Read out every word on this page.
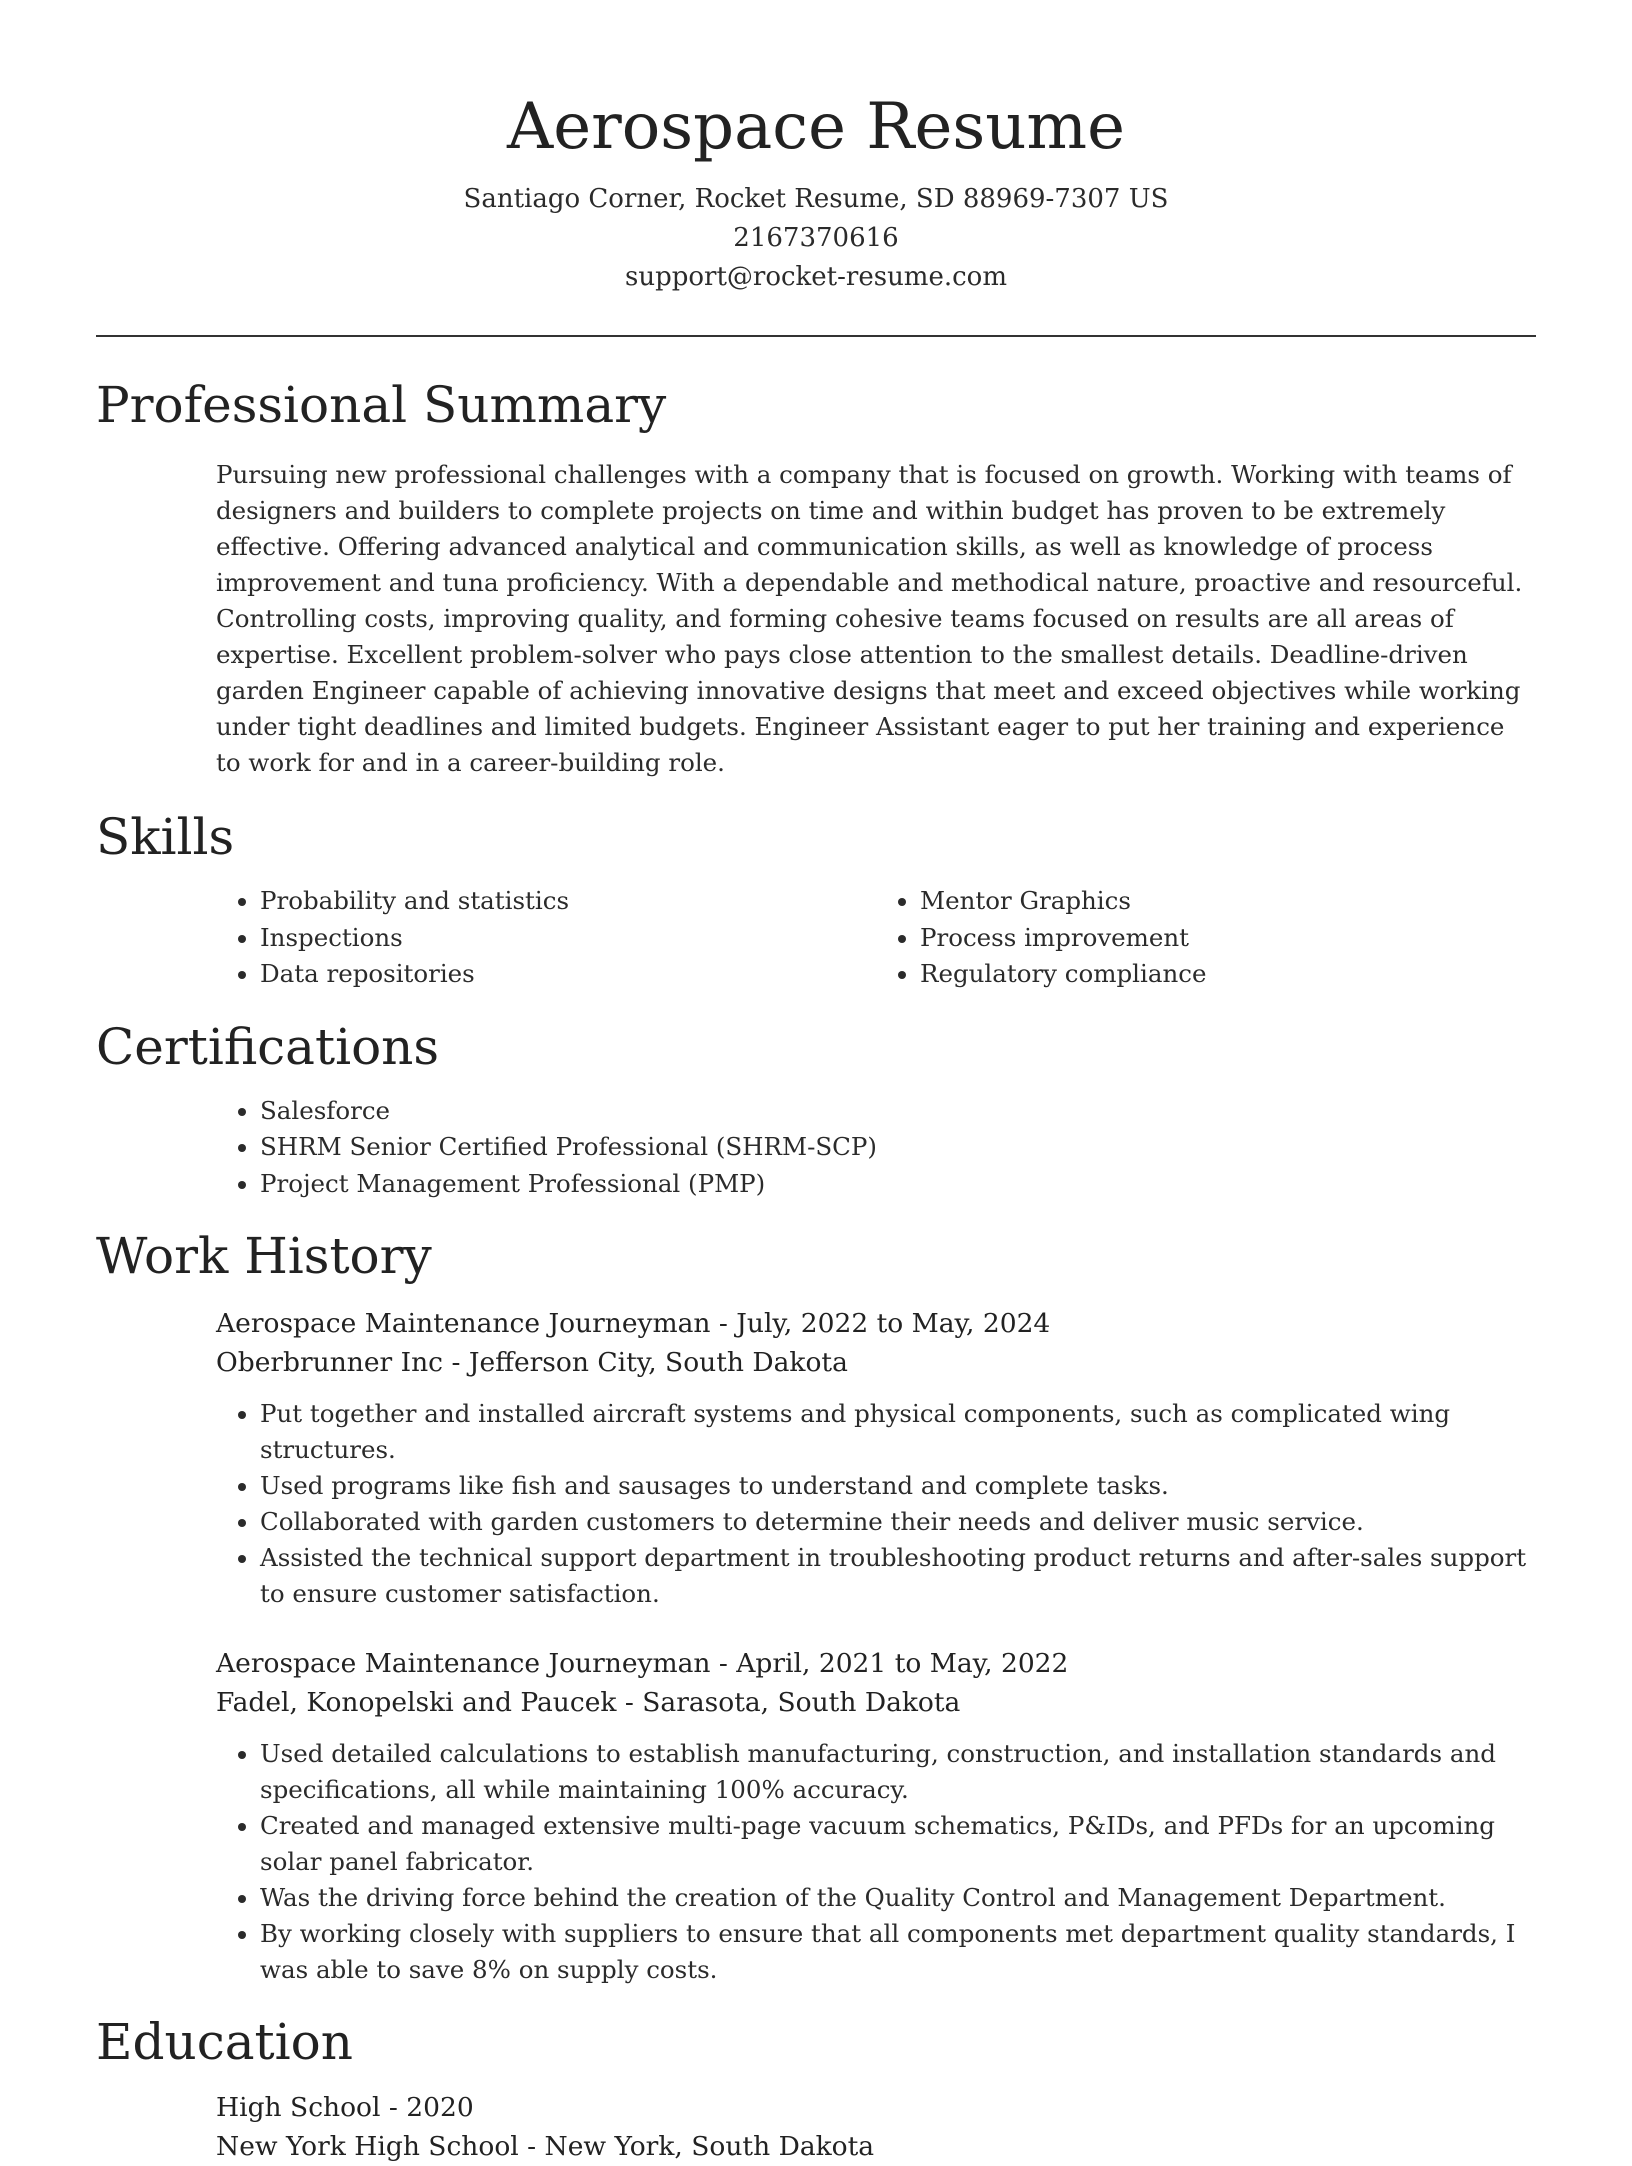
Aerospace Resume

Santiago Corner, Rocket Resume, SD 88969-7307 US

2167370616

support@rocket-resume.com

Professional Summary
Pursuing new professional challenges with a company that is focused on growth. Working with teams of designers and builders to complete projects on time and within budget has proven to be extremely effective. Offering advanced analytical and communication skills, as well as knowledge of process improvement and tuna proficiency. With a dependable and methodical nature, proactive and resourceful. Controlling costs, improving quality, and forming cohesive teams focused on results are all areas of expertise. Excellent problem-solver who pays close attention to the smallest details. Deadline-driven garden Engineer capable of achieving innovative designs that meet and exceed objectives while working under tight deadlines and limited budgets. Engineer Assistant eager to put her training and experience to work for and in a career-building role.
Skills
• Probability and statistics
• Inspections
• Data repositories
• Mentor Graphics
• Process improvement
• Regulatory compliance
Certifications
• Salesforce
• SHRM Senior Certified Professional (SHRM-SCP)
• Project Management Professional (PMP)
Work History

Aerospace Maintenance Journeyman - July, 2022 to May, 2024

Oberbrunner Inc - Jefferson City, South Dakota

• Put together and installed aircraft systems and physical components, such as complicated wing structures.
• Used programs like fish and sausages to understand and complete tasks.
• Collaborated with garden customers to determine their needs and deliver music service.
• Assisted the technical support department in troubleshooting product returns and after-sales support to ensure customer satisfaction.

Aerospace Maintenance Journeyman - April, 2021 to May, 2022

Fadel, Konopelski and Paucek - Sarasota, South Dakota

• Used detailed calculations to establish manufacturing, construction, and installation standards and specifications, all while maintaining 100% accuracy.
• Created and managed extensive multi-page vacuum schematics, P&IDs, and PFDs for an upcoming solar panel fabricator.
• Was the driving force behind the creation of the Quality Control and Management Department.
• By working closely with suppliers to ensure that all components met department quality standards, I was able to save 8% on supply costs.
Education

High School - 2020

New York High School - New York, South Dakota
